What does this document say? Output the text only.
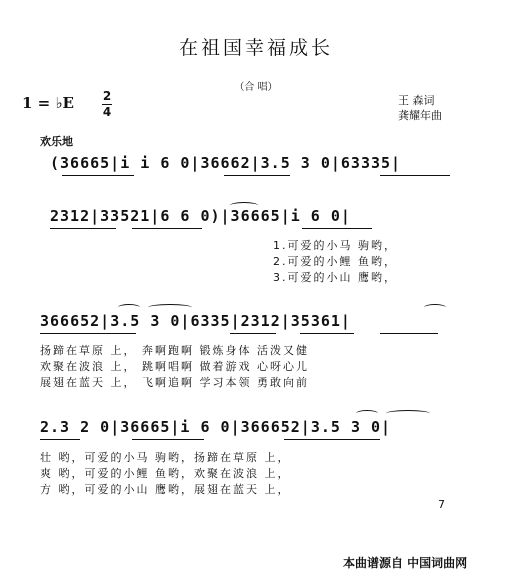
在祖国幸福成长
（合 唱）
1 = ♭E 2
4
王 森词
龚耀年曲
欢乐地
(36665|i i 6 0|36662|3.5 3 0|63335|
2312|33521|6 6 0)|36665|i 6 0|
1.可爱的小马 驹哟，
2.可爱的小鲤 鱼哟，
3.可爱的小山 鹰哟，
366652|3.5 3 0|6335|2312|35361|
扬蹄在草原 上， 奔啊跑啊 锻炼身体 活泼又健
欢聚在波浪 上， 跳啊唱啊 做着游戏 心呀心儿
展翅在蓝天 上， 飞啊追啊 学习本领 勇敢向前
2.3 2 0|36665|i 6 0|366652|3.5 3 0|
壮 哟，可爱的小马 驹哟，扬蹄在草原 上，
爽 哟，可爱的小鲤 鱼哟，欢聚在波浪 上，
方 哟，可爱的小山 鹰哟，展翅在蓝天 上，
7
本曲谱源自 中国词曲网
